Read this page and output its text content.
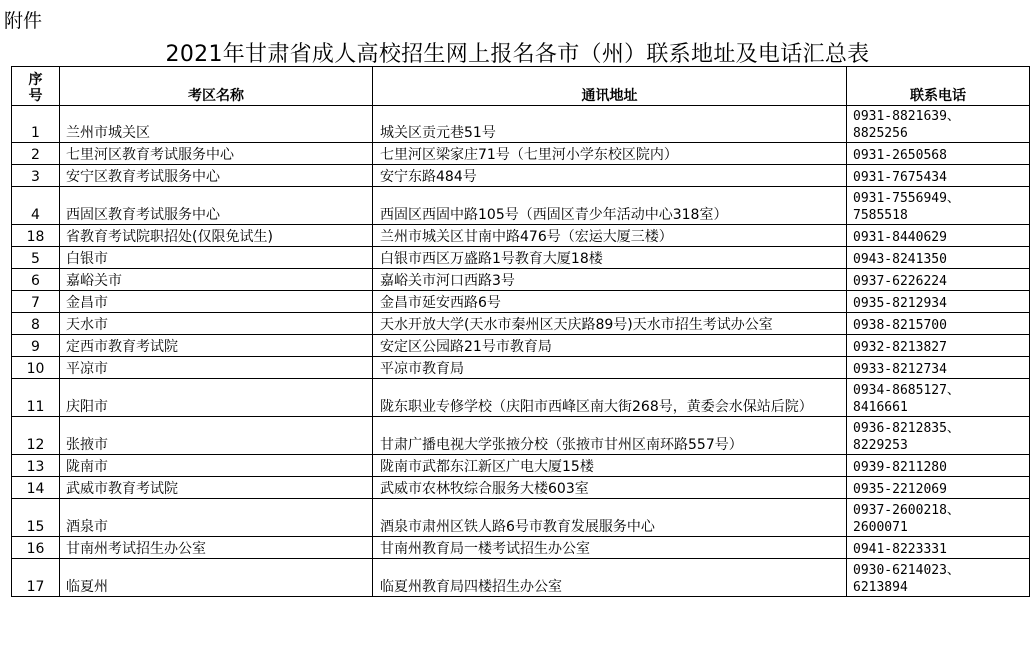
附件
2021年甘肃省成人高校招生网上报名各市（州）联系地址及电话汇总表
序
号	考区名称	通讯地址	联系电话
1	兰州市城关区	城关区贡元巷51号	0931-8821639、
8825256
2	七里河区教育考试服务中心	七里河区梁家庄71号（七里河小学东校区院内）	0931-2650568
3	安宁区教育考试服务中心	安宁东路484号	0931-7675434
4	西固区教育考试服务中心	西固区西固中路105号（西固区青少年活动中心318室）	0931-7556949、
7585518
18	省教育考试院职招处(仅限免试生)	兰州市城关区甘南中路476号（宏运大厦三楼）	0931-8440629
5	白银市	白银市西区万盛路1号教育大厦18楼	0943-8241350
6	嘉峪关市	嘉峪关市河口西路3号	0937-6226224
7	金昌市	金昌市延安西路6号	0935-8212934
8	天水市	天水开放大学(天水市秦州区天庆路89号)天水市招生考试办公室	0938-8215700
9	定西市教育考试院	安定区公园路21号市教育局	0932-8213827
10	平凉市	平凉市教育局	0933-8212734
11	庆阳市	陇东职业专修学校（庆阳市西峰区南大街268号，黄委会水保站后院）	0934-8685127、
8416661
12	张掖市	甘肃广播电视大学张掖分校（张掖市甘州区南环路557号）	0936-8212835、
8229253
13	陇南市	陇南市武都东江新区广电大厦15楼	0939-8211280
14	武威市教育考试院	武威市农林牧综合服务大楼603室	0935-2212069
15	酒泉市	酒泉市肃州区铁人路6号市教育发展服务中心	0937-2600218、
2600071
16	甘南州考试招生办公室	甘南州教育局一楼考试招生办公室	0941-8223331
17	临夏州	临夏州教育局四楼招生办公室	0930-6214023、
6213894
